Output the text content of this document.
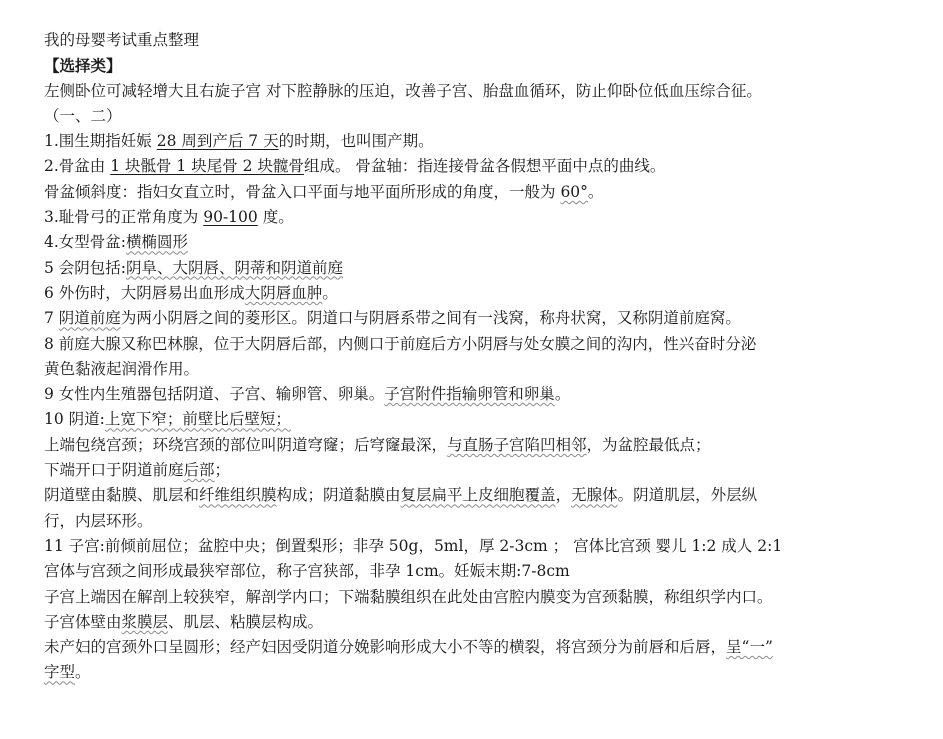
我的母婴考试重点整理
【选择类】
左侧卧位可减轻增大且右旋子宫 对下腔静脉的压迫，改善子宫、胎盘血循环，防止仰卧位低血压综合征。
（一、二）
1.围生期指妊娠 28 周到产后 7 天的时期，也叫围产期。
2.骨盆由 1 块骶骨 1 块尾骨 2 块髋骨组成。 骨盆轴：指连接骨盆各假想平面中点的曲线。
骨盆倾斜度：指妇女直立时，骨盆入口平面与地平面所形成的角度，一般为 60°。
3.耻骨弓的正常角度为 90-100 度。
4.女型骨盆:横椭圆形
5 会阴包括:阴阜、大阴唇、阴蒂和阴道前庭
6 外伤时，大阴唇易出血形成大阴唇血肿。
7 阴道前庭为两小阴唇之间的菱形区。阴道口与阴唇系带之间有一浅窝，称舟状窝，又称阴道前庭窝。
8 前庭大腺又称巴林腺，位于大阴唇后部，内侧口于前庭后方小阴唇与处女膜之间的沟内，性兴奋时分泌
黄色黏液起润滑作用。
9 女性内生殖器包括阴道、子宫、输卵管、卵巢。子宫附件指输卵管和卵巢。
10 阴道:上宽下窄；前壁比后壁短；
上端包绕宫颈；环绕宫颈的部位叫阴道穹窿；后穹窿最深，与直肠子宫陷凹相邻，为盆腔最低点；
下端开口于阴道前庭后部；
阴道壁由黏膜、肌层和纤维组织膜构成；阴道黏膜由复层扁平上皮细胞覆盖，无腺体。阴道肌层，外层纵
行，内层环形。
11 子宫:前倾前屈位；盆腔中央；倒置梨形；非孕 50g，5ml，厚 2-3cm ； 宫体比宫颈 婴儿 1:2 成人 2:1
宫体与宫颈之间形成最狭窄部位，称子宫狭部，非孕 1cm。妊娠末期:7-8cm
子宫上端因在解剖上较狭窄，解剖学内口；下端黏膜组织在此处由宫腔内膜变为宫颈黏膜，称组织学内口。
子宫体壁由浆膜层、肌层、粘膜层构成。
未产妇的宫颈外口呈圆形；经产妇因受阴道分娩影响形成大小不等的横裂，将宫颈分为前唇和后唇，呈“一”
字型。
